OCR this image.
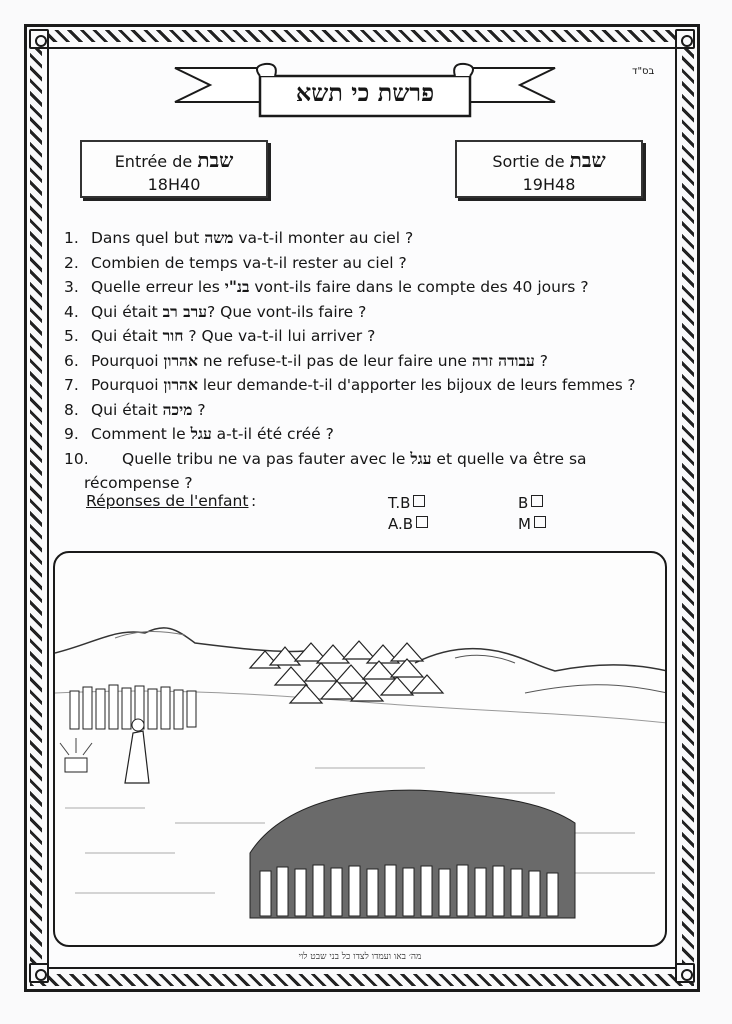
בס"ד
פרשת כי תשא
Entrée de שבת
18H40
Sortie de שבת
19H48
1. Dans quel but משה va-t-il monter au ciel ?
2. Combien de temps va-t-il rester au ciel ?
3. Quelle erreur les בנ"י vont-ils faire dans le compte des 40 jours ?
4. Qui était ערב רב? Que vont-ils faire ?
5. Qui était חור ? Que va-t-il lui arriver ?
6. Pourquoi אהרון ne refuse-t-il pas de leur faire une עבודה זרה ?
7. Pourquoi אהרון leur demande-t-il d'apporter les bijoux de leurs femmes ?
8. Qui était מיכה ?
9. Comment le עגל a-t-il été créé ?
10. Quelle tribu ne va pas fauter avec le עגל et quelle va être sa
récompense ?
Réponses de l'enfant :	T.B	B
A.B	M
מה׳ באו ועמדו לצדו כל בני שבט לוי
